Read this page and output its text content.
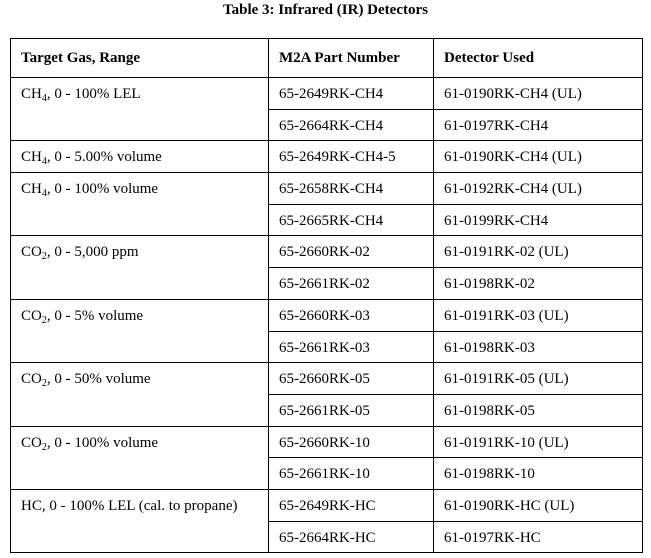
Table 3: Infrared (IR) Detectors
Target Gas, Range	M2A Part Number	Detector Used
$CH_4$, 0 - 100% LEL	65-2649RK-CH4	61-0190RK-CH4 (UL)
	65-2664RK-CH4	61-0197RK-CH4
$CH_4$, 0 - 5.00% volume	65-2649RK-CH4-5	61-0190RK-CH4 (UL)
$CH_4$, 0 - 100% volume	65-2658RK-CH4	61-0192RK-CH4 (UL)
	65-2665RK-CH4	61-0199RK-CH4
$CO_2$, 0 - 5,000 ppm	65-2660RK-02	61-0191RK-02 (UL)
	65-2661RK-02	61-0198RK-02
$CO_2$, 0 - 5% volume	65-2660RK-03	61-0191RK-03 (UL)
	65-2661RK-03	61-0198RK-03
$CO_2$, 0 - 50% volume	65-2660RK-05	61-0191RK-05 (UL)
	65-2661RK-05	61-0198RK-05
$CO_2$, 0 - 100% volume	65-2660RK-10	61-0191RK-10 (UL)
	65-2661RK-10	61-0198RK-10
HC, 0 - 100% LEL (cal. to propane)	65-2649RK-HC	61-0190RK-HC (UL)
	65-2664RK-HC	61-0197RK-HC
